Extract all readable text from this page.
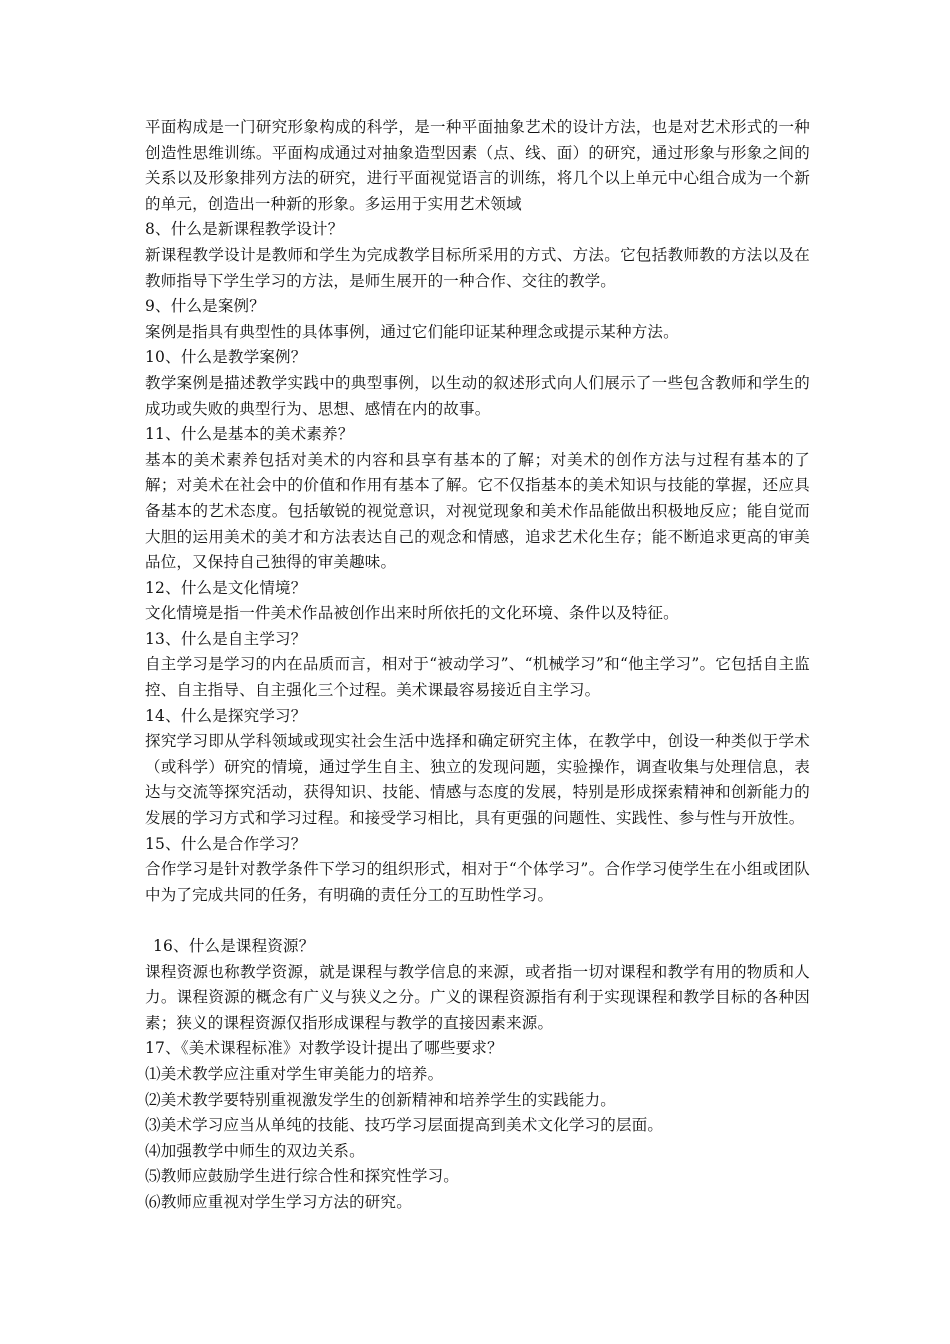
平面构成是一门研究形象构成的科学，是一种平面抽象艺术的设计方法，也是对艺术形式的一种创造性思维训练。平面构成通过对抽象造型因素（点、线、面）的研究，通过形象与形象之间的关系以及形象排列方法的研究，进行平面视觉语言的训练，将几个以上单元中心组合成为一个新的单元，创造出一种新的形象。多运用于实用艺术领域

8、什么是新课程教学设计？

新课程教学设计是教师和学生为完成教学目标所采用的方式、方法。它包括教师教的方法以及在教师指导下学生学习的方法，是师生展开的一种合作、交往的教学。

9、什么是案例？

案例是指具有典型性的具体事例，通过它们能印证某种理念或提示某种方法。

10、什么是教学案例？

教学案例是描述教学实践中的典型事例，以生动的叙述形式向人们展示了一些包含教师和学生的成功或失败的典型行为、思想、感情在内的故事。

11、什么是基本的美术素养？

基本的美术素养包括对美术的内容和县享有基本的了解；对美术的创作方法与过程有基本的了解；对美术在社会中的价值和作用有基本了解。它不仅指基本的美术知识与技能的掌握，还应具备基本的艺术态度。包括敏锐的视觉意识，对视觉现象和美术作品能做出积极地反应；能自觉而大胆的运用美术的美才和方法表达自己的观念和情感，追求艺术化生存；能不断追求更高的审美品位，又保持自己独得的审美趣味。

12、什么是文化情境？

文化情境是指一件美术作品被创作出来时所依托的文化环境、条件以及特征。

13、什么是自主学习？

自主学习是学习的内在品质而言，相对于“被动学习”、“机械学习”和“他主学习”。它包括自主监控、自主指导、自主强化三个过程。美术课最容易接近自主学习。

14、什么是探究学习？

探究学习即从学科领域或现实社会生活中选择和确定研究主体，在教学中，创设一种类似于学术（或科学）研究的情境，通过学生自主、独立的发现问题，实验操作，调查收集与处理信息，表达与交流等探究活动，获得知识、技能、情感与态度的发展，特别是形成探索精神和创新能力的发展的学习方式和学习过程。和接受学习相比，具有更强的问题性、实践性、参与性与开放性。

15、什么是合作学习？

合作学习是针对教学条件下学习的组织形式，相对于“个体学习”。合作学习使学生在小组或团队中为了完成共同的任务，有明确的责任分工的互助性学习。

16、什么是课程资源？

课程资源也称教学资源，就是课程与教学信息的来源，或者指一切对课程和教学有用的物质和人力。课程资源的概念有广义与狭义之分。广义的课程资源指有利于实现课程和教学目标的各种因素；狭义的课程资源仅指形成课程与教学的直接因素来源。

17、《美术课程标准》对教学设计提出了哪些要求？

⑴美术教学应注重对学生审美能力的培养。

⑵美术教学要特别重视激发学生的创新精神和培养学生的实践能力。

⑶美术学习应当从单纯的技能、技巧学习层面提高到美术文化学习的层面。

⑷加强教学中师生的双边关系。

⑸教师应鼓励学生进行综合性和探究性学习。

⑹教师应重视对学生学习方法的研究。
